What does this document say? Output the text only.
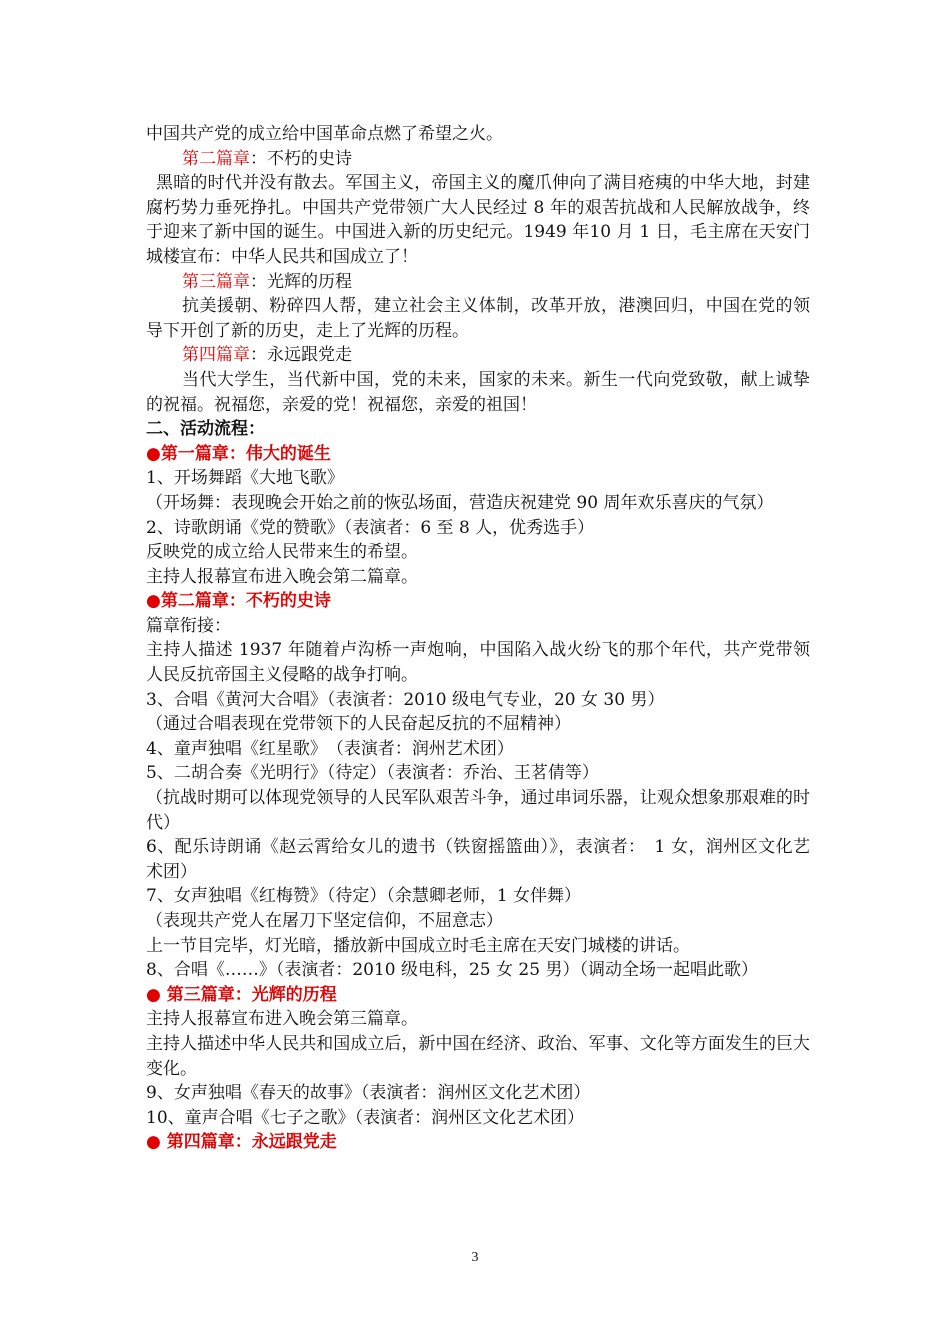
中国共产党的成立给中国革命点燃了希望之火。

第二篇章：不朽的史诗

黑暗的时代并没有散去。军国主义，帝国主义的魔爪伸向了满目疮痍的中华大地，封建腐朽势力垂死挣扎。中国共产党带领广大人民经过 8 年的艰苦抗战和人民解放战争，终于迎来了新中国的诞生。中国进入新的历史纪元。1949 年10 月 1 日，毛主席在天安门城楼宣布：中华人民共和国成立了！

第三篇章：光辉的历程

抗美援朝、粉碎四人帮，建立社会主义体制，改革开放，港澳回归，中国在党的领导下开创了新的历史，走上了光辉的历程。

第四篇章：永远跟党走

当代大学生，当代新中国，党的未来，国家的未来。新生一代向党致敬，献上诚挚的祝福。祝福您，亲爱的党！祝福您，亲爱的祖国！

二、活动流程：

●第一篇章：伟大的诞生

1、开场舞蹈《大地飞歌》

（开场舞：表现晚会开始之前的恢弘场面，营造庆祝建党 90 周年欢乐喜庆的气氛）

2、诗歌朗诵《党的赞歌》（表演者：6 至 8 人，优秀选手）

反映党的成立给人民带来生的希望。

主持人报幕宣布进入晚会第二篇章。

●第二篇章：不朽的史诗

篇章衔接：

主持人描述 1937 年随着卢沟桥一声炮响，中国陷入战火纷飞的那个年代，共产党带领人民反抗帝国主义侵略的战争打响。

3、合唱《黄河大合唱》（表演者：2010 级电气专业，20 女 30 男）

（通过合唱表现在党带领下的人民奋起反抗的不屈精神）

4、童声独唱《红星歌》　（表演者：润州艺术团）

5、二胡合奏《光明行》（待定）（表演者：乔治、王茗倩等）

（抗战时期可以体现党领导的人民军队艰苦斗争，通过串词乐器，让观众想象那艰难的时代）

6、配乐诗朗诵《赵云霄给女儿的遗书（铁窗摇篮曲）》，表演者：　1 女，润州区文化艺术团）

7、女声独唱《红梅赞》（待定）（余慧卿老师，1 女伴舞）

（表现共产党人在屠刀下坚定信仰，不屈意志）

上一节目完毕，灯光暗，播放新中国成立时毛主席在天安门城楼的讲话。

8、合唱《……》（表演者：2010 级电科，25 女 25 男）（调动全场一起唱此歌）

● 第三篇章：光辉的历程

主持人报幕宣布进入晚会第三篇章。

主持人描述中华人民共和国成立后，新中国在经济、政治、军事、文化等方面发生的巨大变化。

9、女声独唱《春天的故事》（表演者：润州区文化艺术团）

10、童声合唱《七子之歌》（表演者：润州区文化艺术团）

● 第四篇章：永远跟党走

3
